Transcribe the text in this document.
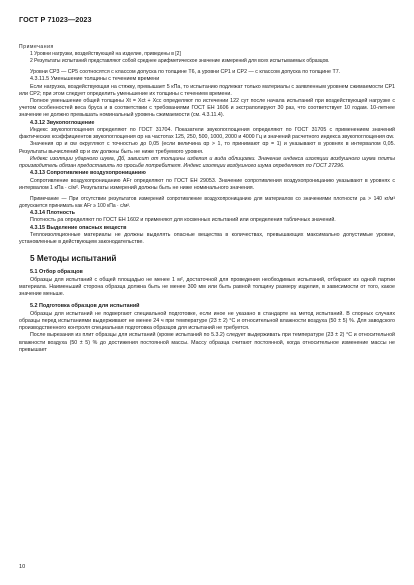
ГОСТ Р 71023—2023

Примечания

1 Уровни нагрузки, воздействующей на изделие, приведены в [2]

2 Результаты испытаний представляют собой среднее арифметическое значение измерений для всех испытываемых образцов.

Уровни CP3 — CP5 соотносятся с классом допуска по толщине T6, а уровни CP1 и CP2 — с классом допуска по толщине T7.

4.3.11.5 Уменьшение толщины с течением времени

Если нагрузка, воздействующая на стяжку, превышает 5 кПа, то испытанию подлежат только материалы с заявленным уровнем сжимаемости CP1 или CP2; при этом следует определить уменьшение их толщины с течением времени.

Полное уменьшение общей толщины Xt = Xct + Xcc определяют по истечении 122 сут после начала испытаний при воздействующей нагрузке с учетом особенностей веса бруса и в соответствии с требованиями ГОСТ EH 1606 и экстраполируют 30 раз, что соответствует 10 годам. 10-летнее значение не должно превышать номинальный уровень сжимаемости (см. 4.3.11.4).

4.3.12 Звукопоглощение

Индекс звукопоглощения определяют по ГОСТ 31704. Показатели звукопоглощения определяют по ГОСТ 31705 с применением значений фактических коэффициентов звукопоглощения αp на частотах 125, 250, 500, 1000, 2000 и 4000 Гц и значений расчетного индекса звукопоглощения αw.

Значения αp и αw округляют с точностью до 0,05 (если величина αp > 1, то принимают αp = 1) и указывают в уровнях в интервалом 0,05. Результаты вычислений αp и αw должны быть не ниже требуемого уровня.

Индекс изоляции ударного шума, Дб, зависит от толщины изделия и вида облицовки. Значение индекса изоляции воздушного шума плиты производитель обязан предоставить по просьбе потребителя. Индекс изоляции воздушного шума определяют по ГОСТ 27296.

4.3.13 Сопротивление воздухопроницанию

Сопротивление воздухопроницанию AFr определяют по ГОСТ EH 29053. Значение сопротивления воздухопроницанию указывают в уровнях с интервалом 1 кПа · с/м². Результаты измерений должны быть не ниже номинального значения.

Примечание — При отсутствии результатов измерений сопротивление воздухопроницанию для материалов со значениями плотности ρa > 140 кг/м³ допускается принимать как AFr ≥ 100 кПа · с/м².

4.3.14 Плотность

Плотность ρa определяют по ГОСТ EH 1602 и применяют для косвенных испытаний или определения табличных значений.

4.3.15 Выделение опасных веществ

Теплоизоляционные материалы не должны выделять опасные вещества в количествах, превышающих максимально допустимые уровни, установленные в действующем законодательстве.

5 Методы испытаний

5.1 Отбор образцов

Образцы для испытаний с общей площадью не менее 1 м², достаточной для проведения необходимых испытаний, отбирают из одной партии материала. Наименьший сторона образца должна быть не менее 300 мм или быть равной толщину размеру изделия, в зависимости от того, какое значение меньше.

5.2 Подготовка образцов для испытаний

Образцы для испытаний не подвергают специальной подготовке, если иное не указано в стандарте на метод испытаний. В спорных случаях образцы перед испытаниями выдерживают не менее 24 ч при температуре (23 ± 2) °С и относительной влажности воздуха (50 ± 5) %. Для заводского производственного контроля специальная подготовка образцов для испытаний не требуется.

После вырезания из плит образцы для испытаний (кроме испытаний по 5.3.2) следует выдерживать при температуре (23 ± 2) °С и относительной влажности воздуха (50 ± 5) % до достижения постоянной массы. Массу образца считают постоянной, когда относительное изменение массы не превышает

10
